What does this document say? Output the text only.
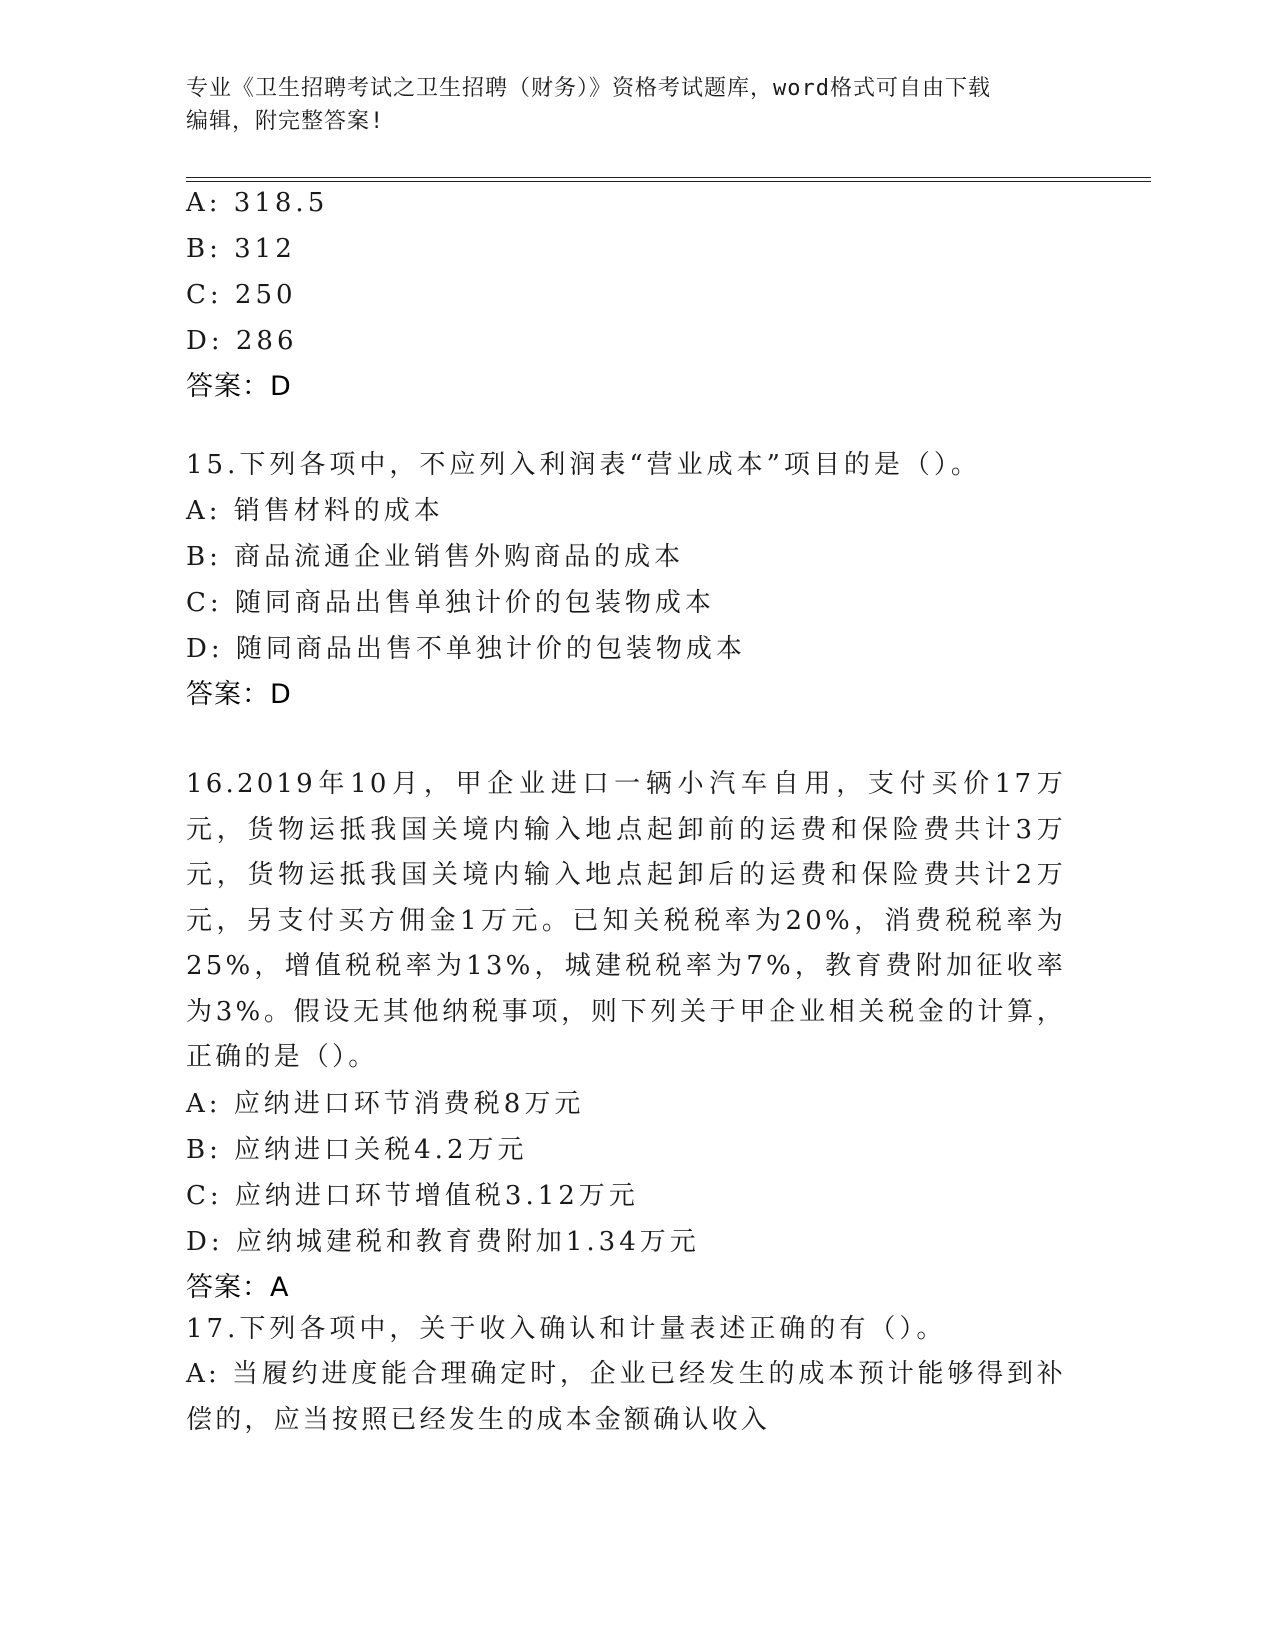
专业《卫生招聘考试之卫生招聘（财务）》资格考试题库，word格式可自由下载
编辑，附完整答案!
A: 318.5
B: 312
C: 250
D: 286
答案：D
15.下列各项中，不应列入利润表“营业成本”项目的是（）。
A: 销售材料的成本
B: 商品流通企业销售外购商品的成本
C: 随同商品出售单独计价的包装物成本
D: 随同商品出售不单独计价的包装物成本
答案：D
16.2019年10月，甲企业进口一辆小汽车自用，支付买价17万元，货物运抵我国关境内输入地点起卸前的运费和保险费共计3万元，货物运抵我国关境内输入地点起卸后的运费和保险费共计2万元，另支付买方佣金1万元。已知关税税率为20%，消费税税率为25%，增值税税率为13%，城建税税率为7%，教育费附加征收率为3%。假设无其他纳税事项，则下列关于甲企业相关税金的计算，正确的是（）。
A: 应纳进口环节消费税8万元
B: 应纳进口关税4.2万元
C: 应纳进口环节增值税3.12万元
D: 应纳城建税和教育费附加1.34万元
答案：A
17.下列各项中，关于收入确认和计量表述正确的有（）。
A: 当履约进度能合理确定时，企业已经发生的成本预计能够得到补偿的，应当按照已经发生的成本金额确认收入
